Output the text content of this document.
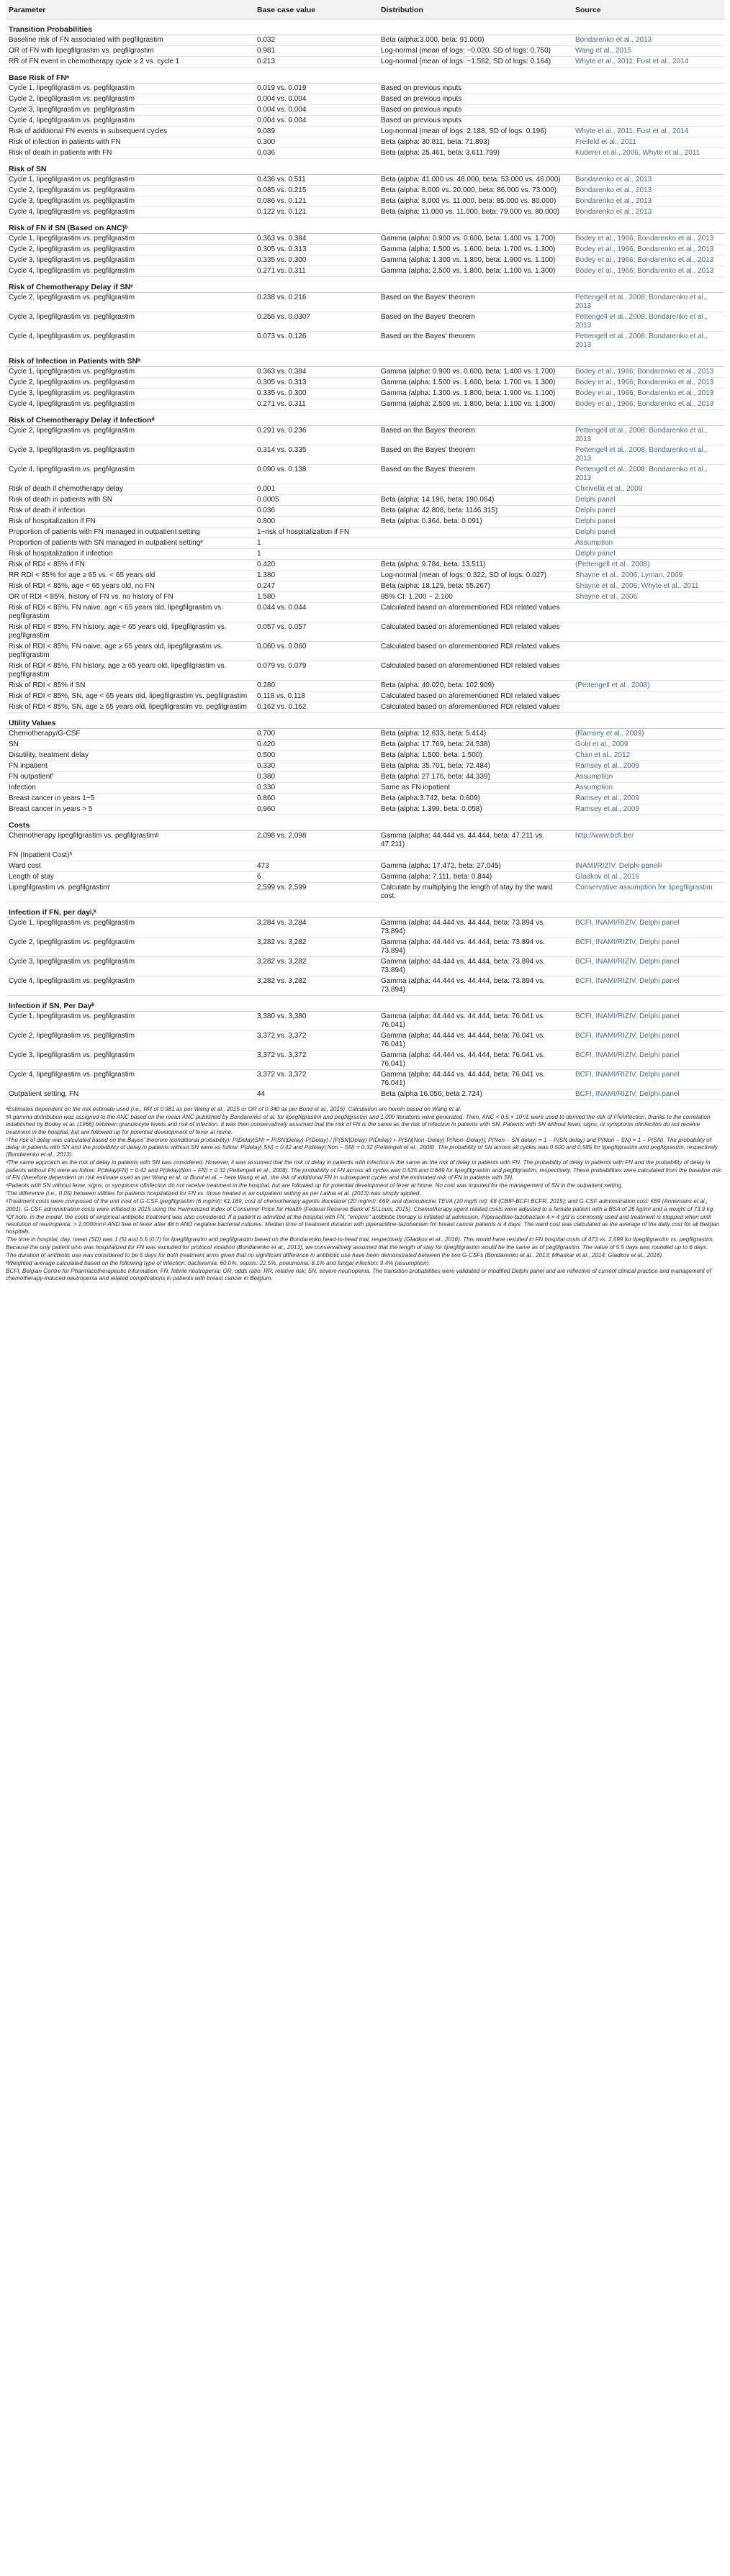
Parameter	Base case value	Distribution	Source
Transition Probabilities			
Baseline risk of FN associated with pegfilgrastim	0.032	Beta (alpha:3.000, beta: 91.000)	Bondarenko et al., 2013
OR of FN with lipegfilgrastim vs. pegfilgrastim	0.981	Log-normal (mean of logs: −0.020, SD of logs: 0.750)	Wang et al., 2015
RR of FN event in chemotherapy cycle ≥ 2 vs. cycle 1	0.213	Log-normal (mean of logs: −1.562, SD of logs: 0.164)	Whyte et al., 2011; Fust et al., 2014
Base Risk of FNᵃ			
Cycle 1, lipegfilgrastim vs. pegfilgrastim	0.019 vs. 0.019	Based on previous inputs	
Cycle 2, lipegfilgrastim vs. pegfilgrastim	0.004 vs. 0.004	Based on previous inputs	
Cycle 3, lipegfilgrastim vs. pegfilgrastim	0.004 vs. 0.004	Based on previous inputs	
Cycle 4, lipegfilgrastim vs. pegfilgrastim	0.004 vs. 0.004	Based on previous inputs	
Risk of additional FN events in subsequent cycles	9.089	Log-normal (mean of logs: 2.188, SD of logs: 0.196)	Whyte et al., 2011; Fust et al., 2014
Risk of infection in patients with FN	0.300	Beta (alpha: 30.811, beta: 71.893)	Freifeld et al., 2011
Risk of death in patients with FN	0.036	Beta (alpha: 25.461, beta: 3,611.799)	Kuderer et al., 2006; Whyte et al., 2011
Risk of SN			
Cycle 1, lipegfilgrastim vs. pegfilgrastim	0.436 vs. 0.511	Beta (alpha: 41.000 vs. 48.000, beta: 53.000 vs. 46.000)	Bondarenko et al., 2013
Cycle 2, lipegfilgrastim vs. pegfilgrastim	0.085 vs. 0.215	Beta (alpha: 8.000 vs. 20.000, beta: 86.000 vs. 73.000)	Bondarenko et al., 2013
Cycle 3, lipegfilgrastim vs. pegfilgrastim	0.086 vs. 0.121	Beta (alpha: 8.000 vs. 11.000, beta: 85.000 vs. 80.000)	Bondarenko et al., 2013
Cycle 4, lipegfilgrastim vs. pegfilgrastim	0.122 vs. 0.121	Beta (alpha: 11.000 vs. 11.000, beta: 79.000 vs. 80.000)	Bondarenko et al., 2013
Risk of FN if SN (Based on ANC)ᵇ			
Cycle 1, lipegfilgrastim vs. pegfilgrastim	0.363 vs. 0.384	Gamma (alpha: 0.900 vs. 0.600, beta: 1.400 vs. 1.700)	Bodey et al., 1966; Bondarenko et al., 2013
Cycle 2, lipegfilgrastim vs. pegfilgrastim	0.305 vs. 0.313	Gamma (alpha: 1.500 vs. 1.600, beta: 1.700 vs. 1.300)	Bodey et al., 1966; Bondarenko et al., 2013
Cycle 3, lipegfilgrastim vs. pegfilgrastim	0.335 vs. 0.300	Gamma (alpha: 1.300 vs. 1.800, beta: 1.900 vs. 1.100)	Bodey et al., 1966; Bondarenko et al., 2013
Cycle 4, lipegfilgrastim vs. pegfilgrastim	0.271 vs. 0.311	Gamma (alpha: 2.500 vs. 1.800, beta: 1.100 vs. 1.300)	Bodey et al., 1966; Bondarenko et al., 2013
Risk of Chemotherapy Delay if SNᶜ			
Cycle 2, lipegfilgrastim vs. pegfilgrastim	0.238 vs. 0.216	Based on the Bayes' theorem	Pettengell et al., 2008; Bondarenko et al., 2013
Cycle 3, lipegfilgrastim vs. pegfilgrastim	0.256 vs. 0.0307	Based on the Bayes' theorem	Pettengell et al., 2008; Bondarenko et al., 2013
Cycle 4, lipegfilgrastim vs. pegfilgrastim	0.073 vs. 0.126	Based on the Bayes' theorem	Pettengell et al., 2008; Bondarenko et al., 2013
Risk of Infection in Patients with SNᵇ			
Cycle 1, lipegfilgrastim vs. pegfilgrastim	0.363 vs. 0.384	Gamma (alpha: 0.900 vs. 0.600, beta: 1.400 vs. 1.700)	Bodey et al., 1966; Bondarenko et al., 2013
Cycle 2, lipegfilgrastim vs. pegfilgrastim	0.305 vs. 0.313	Gamma (alpha: 1.500 vs. 1.600, beta: 1.700 vs. 1.300)	Bodey et al., 1966; Bondarenko et al., 2013
Cycle 3, lipegfilgrastim vs. pegfilgrastim	0.335 vs. 0.300	Gamma (alpha: 1.300 vs. 1.800, beta: 1.900 vs. 1.100)	Bodey et al., 1966; Bondarenko et al., 2013
Cycle 4, lipegfilgrastim vs. pegfilgrastim	0.271 vs. 0.311	Gamma (alpha: 2.500 vs. 1.800, beta: 1.100 vs. 1.300)	Bodey et al., 1966; Bondarenko et al., 2013
Risk of Chemotherapy Delay if Infectionᵈ			
Cycle 2, lipegfilgrastim vs. pegfilgrastim	0.291 vs. 0.236	Based on the Bayes' theorem	Pettengell et al., 2008; Bondarenko et al., 2013
Cycle 3, lipegfilgrastim vs. pegfilgrastim	0.314 vs. 0.335	Based on the Bayes' theorem	Pettengell et al., 2008; Bondarenko et al., 2013
Cycle 4, lipegfilgrastim vs. pegfilgrastim	0.090 vs. 0.138	Based on the Bayes' theorem	Pettengell et al., 2008; Bondarenko et al., 2013
Risk of death if chemotherapy delay	0.001		Chirivella et al., 2009
Risk of death in patients with SN	0.0005	Beta (alpha: 14.196, beta: 190.064)	Delphi panel
Risk of death if infection	0.036	Beta (alpha: 42.808, beta: 1146.315)	Delphi panel
Risk of hospitalization if FN	0.800	Beta (alpha: 0.364, beta: 0.091)	Delphi panel
Proportion of patients with FN managed in outpatient setting	1−risk of hospitalization if FN		Delphi panel
Proportion of patients with SN managed in outpatient settingᵉ	1		Assumption
Risk of hospitalization if infection	1		Delphi panel
Risk of RDI < 85% if FN	0.420	Beta (alpha: 9.784, beta: 13.511)	(Pettengell et al., 2008)
RR RDI < 85% for age ≥ 65 vs. < 65 years old	1.380	Log-normal (mean of logs: 0.322, SD of logs: 0.027)	Shayne et al., 2006; Lyman, 2009
Risk of RDI < 85%, age < 65 years old, no FN	0.247	Beta (alpha: 18.129, beta: 55.267)	Shayne et al., 2006; Whyte et al., 2011
OR of RDI < 85%, history of FN vs. no history of FN	1.580	95% CI: 1.200 − 2.100	Shayne et al., 2006
Risk of RDI < 85%, FN naive, age < 65 years old, lipegfilgrastim vs. pegfilgrastim	0.044 vs. 0.044	Calculated based on aforementioned RDI related values	
Risk of RDI < 85%, FN history, age < 65 years old, lipegfilgrastim vs. pegfilgrastim	0.057 vs. 0.057	Calculated based on aforementioned RDI related values	
Risk of RDI < 85%, FN naive, age ≥ 65 years old, lipegfilgrastim vs. pegfilgrastim	0.060 vs. 0.060	Calculated based on aforementioned RDI related values	
Risk of RDI < 85%, FN history, age ≥ 65 years old, lipegfilgrastim vs. pegfilgrastim	0.079 vs. 0.079	Calculated based on aforementioned RDI related values	
Risk of RDI < 85% if SN	0.280	Beta (alpha: 40.020, beta: 102.909)	(Pettengell et al., 2008)
Risk of RDI < 85%, SN, age < 65 years old, lipegfilgrastim vs. pegfilgrastim	0.118 vs. 0.118	Calculated based on aforementioned RDI related values	
Risk of RDI < 85%, SN, age ≥ 65 years old, lipegfilgrastim vs. pegfilgrastim	0.162 vs. 0.162	Calculated based on aforementioned RDI related values	
Utility Values			
Chemotherapy/G-CSF	0.700	Beta (alpha: 12.633, beta: 5.414)	(Ramsey et al., 2009)
SN	0.420	Beta (alpha: 17.769, beta: 24.538)	Gold et al., 2009
Disutility, treatment delay	0.500	Beta (alpha: 1.500, beta: 1.500)	Chan et al., 2012
FN inpatient	0.330	Beta (alpha: 35.701, beta: 72.484)	Ramsey et al., 2009
FN outpatientᶠ	0.380	Beta (alpha: 27.176, beta: 44.339)	Assumption
Infection	0.330	Same as FN inpatient	Assumption
Breast cancer in years 1−5	0.860	Beta (alpha:3.742, beta: 0.609)	Ramsey et al., 2009
Breast cancer in years > 5	0.960	Beta (alpha: 1.399, beta: 0.058)	Ramsey et al., 2009
Costs			
Chemotherapy lipegfilgrastim vs. pegfilgrastimᵍ	2,098 vs. 2,098	Gamma (alpha: 44.444 vs. 44.444, beta: 47.211 vs. 47.211)	http://www.bcfi.be/
FN (Inpatient Cost)ʰ			
Ward cost	473	Gamma (alpha: 17.472, beta: 27.045)	INAMI/RIZIV, Delphi panelᵍ
Length of stay	6	Gamma (alpha: 7.111, beta: 0.844)	Gladkov et al., 2016
Lipegfilgrastim vs. pegfilgrastimⁱ	2,599 vs. 2,599	Calculate by multiplying the length of stay by the ward cost.	Conservative assumption for lipegfilgrastim
Infection if FN, per dayʲ,ᵏ			
Cycle 1, lipegfilgrastim vs. pegfilgrastim	3,284 vs. 3,284	Gamma (alpha: 44.444 vs. 44.444, beta: 73.894 vs. 73.894)	BCFI, INAMI/RIZIV, Delphi panel
Cycle 2, lipegfilgrastim vs. pegfilgrastim	3,282 vs. 3,282	Gamma (alpha: 44.444 vs. 44.444, beta: 73.894 vs. 73.894)	BCFI, INAMI/RIZIV, Delphi panel
Cycle 3, lipegfilgrastim vs. pegfilgrastim	3,282 vs. 3,282	Gamma (alpha: 44.444 vs. 44.444, beta: 73.894 vs. 73.894)	BCFI, INAMI/RIZIV, Delphi panel
Cycle 4, lipegfilgrastim vs. pegfilgrastim	3,282 vs. 3,282	Gamma (alpha: 44.444 vs. 44.444, beta: 73.894 vs. 73.894)	BCFI, INAMI/RIZIV, Delphi panel
Infection if SN, Per Dayᵏ			
Cycle 1, lipegfilgrastim vs. pegfilgrastim	3,380 vs. 3,380	Gamma (alpha: 44.444 vs. 44.444, beta: 76.041 vs. 76.041)	BCFI, INAMI/RIZIV, Delphi panel
Cycle 2, lipegfilgrastim vs. pegfilgrastim	3,372 vs. 3,372	Gamma (alpha: 44.444 vs. 44.444, beta: 76.041 vs. 76.041)	BCFI, INAMI/RIZIV, Delphi panel
Cycle 3, lipegfilgrastim vs. pegfilgrastim	3,372 vs. 3,372	Gamma (alpha: 44.444 vs. 44.444, beta: 76.041 vs. 76.041)	BCFI, INAMI/RIZIV, Delphi panel
Cycle 4, lipegfilgrastim vs. pegfilgrastim	3,372 vs. 3,372	Gamma (alpha: 44.444 vs. 44.444, beta: 76.041 vs. 76.041)	BCFI, INAMI/RIZIV, Delphi panel
Outpatient setting, FN	44	Beta (alpha 16.056; beta 2.724)	BCFI, INAMI/RIZIV, Delphi panel

ᵃEstimates dependent on the risk estimate used (i.e., RR of 0.981 as per Wang et al., 2015 or OR of 0.340 as per Bond et al., 2015). Calculation are herein based on Wang et al.

ᵇA gamma distribution was assigned to the ANC based on the mean ANC published by Bondarenko et al. for lipegfilgrastim and pegfilgrastim and 1,000 iterations were generated. Then, ANC < 0.5 × 10⁹/L were used to derived the risk of FN/infection, thanks to the correlation established by Bodey et al. (1966) between granulocyte levels and risk of infection. It was then conservatively assumed that the risk of FN is the same as the risk of infection in patients with SN. Patients with SN without fever, signs, or symptoms ofinfection do not receive treatment in the hospital, but are followed up for potential development of fever at home.

ᶜThe risk of delay was calculated based on the Bayes' theorem (conditional probability): P(Delay|SN) = P(SN|Delay)·P(Delay) / [P(SN|Delay)·P(Delay) + P(SN|Non−Delay)·P(Non−Delay)]; P(Non − SN delay) = 1 − P(SN delay) and P(Non − SN) = 1 − P(SN). The probability of delay in patients with SN and the probability of delay in patients without SN were as follow: P(delay| SN) = 0.42 and P(delay| Non − SN) = 0.32 (Pettengell et al., 2008). The probability of SN across all cycles was 0.500 and 0.585 for lipegfilgrastim and pegfilgrastim, respectively (Bondarenko et al., 2013).

ᵈThe same approach as the risk of delay in patients with SN was considered. However, it was assumed that the risk of delay in patients with infection is the same as the risk of delay in patients with FN. The probability of delay in patients with FN and the probability of delay in patients without FN were as follow: P(delay|FN) = 0.42 and P(delay|Non − FN) = 0.32 (Pettengell et al., 2008). The probability of FN across all cycles was 0.535 and 0.649 for lipegfilgrastim and pegfilgrastim, respectively. These probabilities were calculated from the baseline risk of FN (therefore dependent on risk estimate used as per Wang et al. or Bond et al. − here Wang et al), the risk of additional FN in subsequent cycles and the estimated risk of FN in patients with SN.

ᵉPatients with SN without fever, signs, or symptoms ofinfection do not receive treatment in the hospital, but are followed up for potential development of fever at home. No cost was imputed for the management of SN in the outpatient setting.

ᶠThe difference (i.e., 0.05) between utilities for patients hospitalized for FN vs. those treated in an outpatient setting as per Lathia et al. (2013) was simply applied.

ᵍTreatment costs were composed of the unit cost of G-CSF (pegfilgrastim (6 mg/ml): €1,169; cost of chemotherapy agents docetaxel (20 mg/ml): €69; and doxorubicine TEVA (10 mg/5 ml): €8 (CBIP-BCFI BCFR, 2015); and G-CSF administration cost: €69 (Annemans et al., 2001). G-CSF administration costs were inflated to 2015 using the Harmonized Index of Consumer Price for Health (Federal Reserve Bank of St.Louis, 2015). Chemotherapy agent related costs were adjusted to a female patient with a BSA of 26 kg/m² and a weight of 73.9 kg.

ʰOf note, in the model, the costs of empirical antibiotic treatment was also considered. If a patient is admitted at the hospital with FN, "empiric" antibiotic therapy is initiated at admission. Piperacilline-tazobactam 4 × 4 g/d is commonly used and treatment is stopped when until resolution of neutropenia, > 1,000/mm³ AND free of fever after 48 h AND negative bacterial cultures. Median time of treatment duration with piperacilline-tazobactam for breast cancer patients is 4 days. The ward cost was calculated as the average of the daily cost for all Belgian hospitals.

ⁱThe time in hospital, day, mean (SD) was 1 (5) and 5.5 (0.7) for lipegfilgrastim and pegfilgrastim based on the Bondarenko head-to-head trial, respectively (Gladkov et al., 2016). This would have resulted in FN hospital costs of 473 vs. 2,599 for lipegfilgrastim vs. pegfilgrastim. Because the only patient who was hospitalized for FN was excluded for protocol violation (Bondarenko et al., 2013), we conservatively assumed that the length of stay for lipegfilgrastim would be the same as of pegfilgrastim. The value of 5.5 days was rounded up to 6 days.

ʲThe duration of antibiotic use was considered to be 5 days for both treatment arms given that no significant difference in antibiotic use have been demonstrated between the two G-CSFs (Bondarenko et al., 2013; Mhaskar et al., 2014; Gladkov et al., 2016).

ᵏWeighted average calculated based on the following type of infection: bacteremia: 60.0%, sepsis: 22.5%, pneumonia: 8.1% and fungal infection: 9.4% (assumption).

BCFI, Belgian Centre for Pharmacotherapeutic Information; FN, febrile neutropenia; OR, odds ratio; RR, relative risk; SN, severe neutropenia. The transition probabilities were validated or modified Delphi panel and are reflective of current clinical practice and management of chemotherapy-induced neutropenia and related complications in patients with breast cancer in Belgium.
